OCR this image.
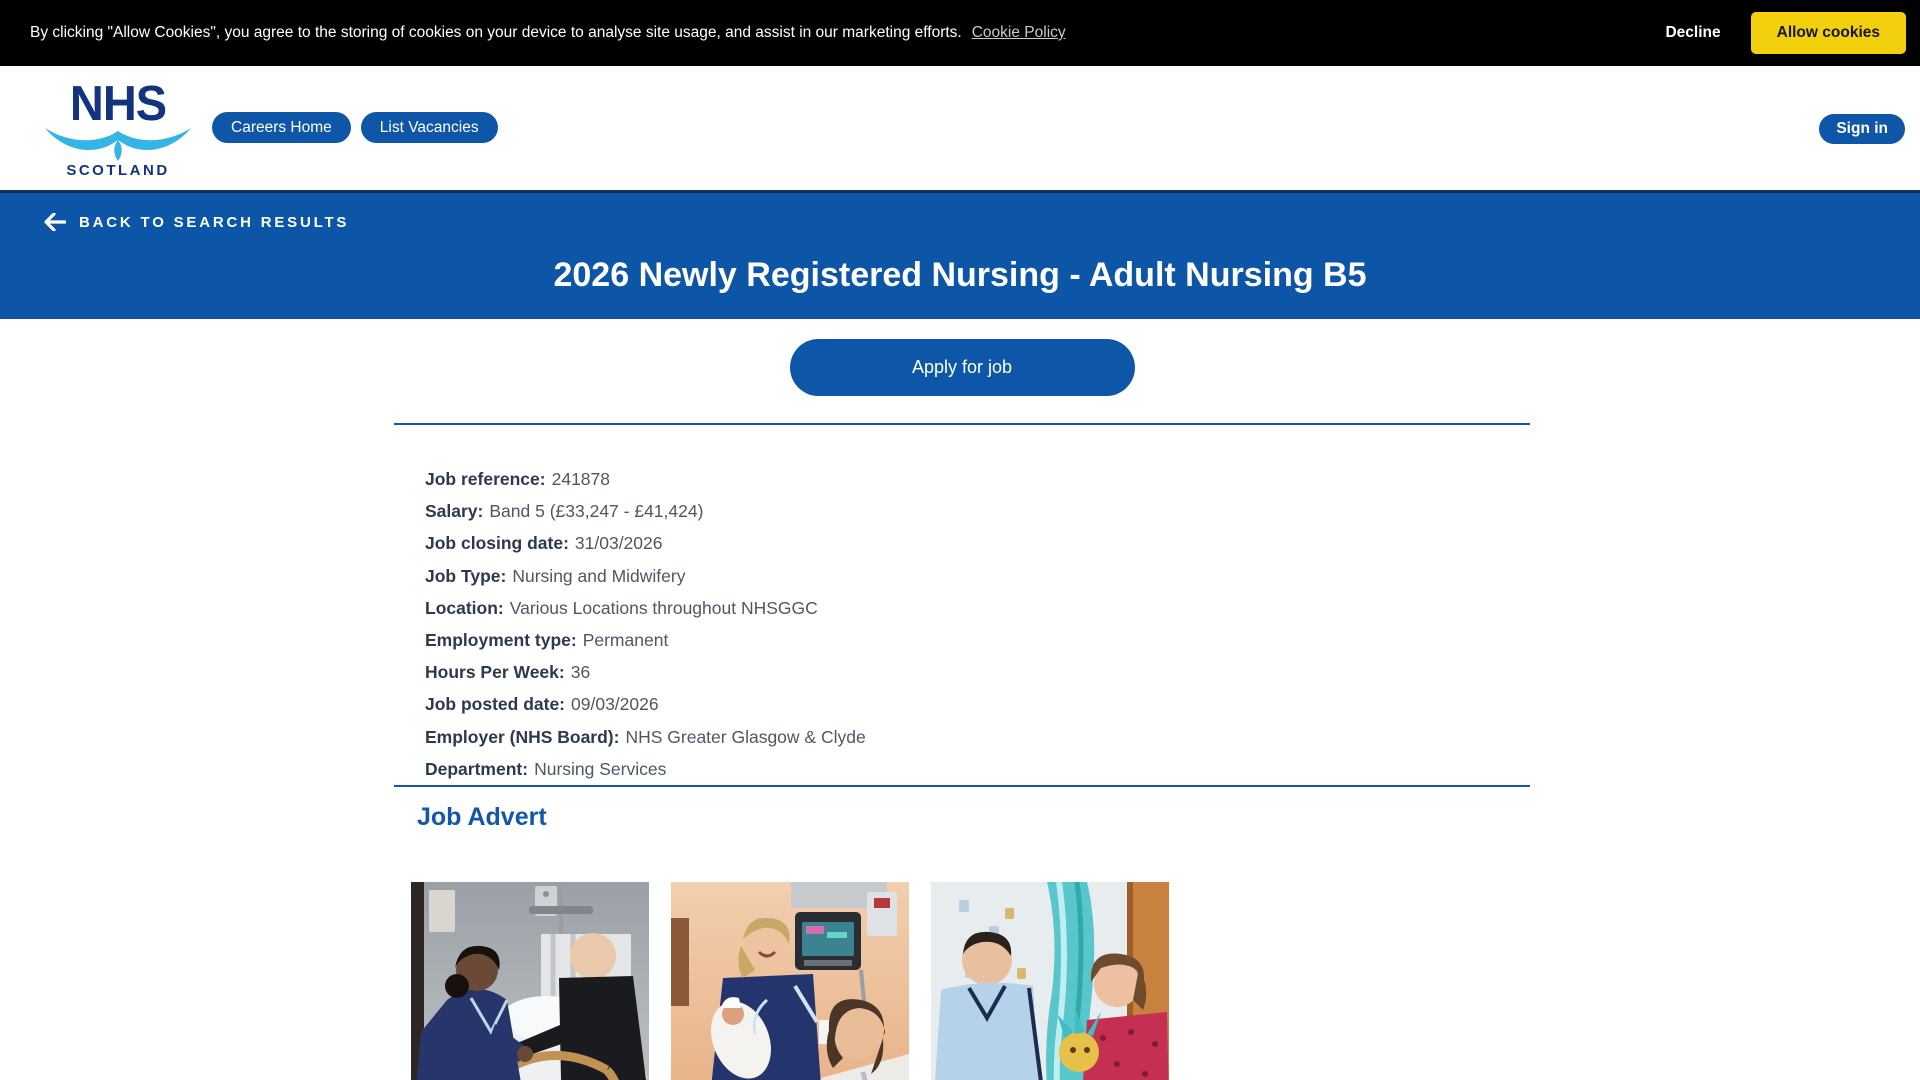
By clicking "Allow Cookies", you agree to the storing of cookies on your device to analyse site usage, and assist in our marketing efforts. Cookie Policy	Decline	Allow cookies
NHS
SCOTLAND
Careers Home	List Vacancies	Sign in
BACK TO SEARCH RESULTS
2026 Newly Registered Nursing - Adult Nursing B5
Apply for job
Job reference: 241878
Salary: Band 5 (£33,247 - £41,424)
Job closing date: 31/03/2026
Job Type: Nursing and Midwifery
Location: Various Locations throughout NHSGGC
Employment type: Permanent
Hours Per Week: 36
Job posted date: 09/03/2026
Employer (NHS Board): NHS Greater Glasgow & Clyde
Department: Nursing Services
Job Advert
